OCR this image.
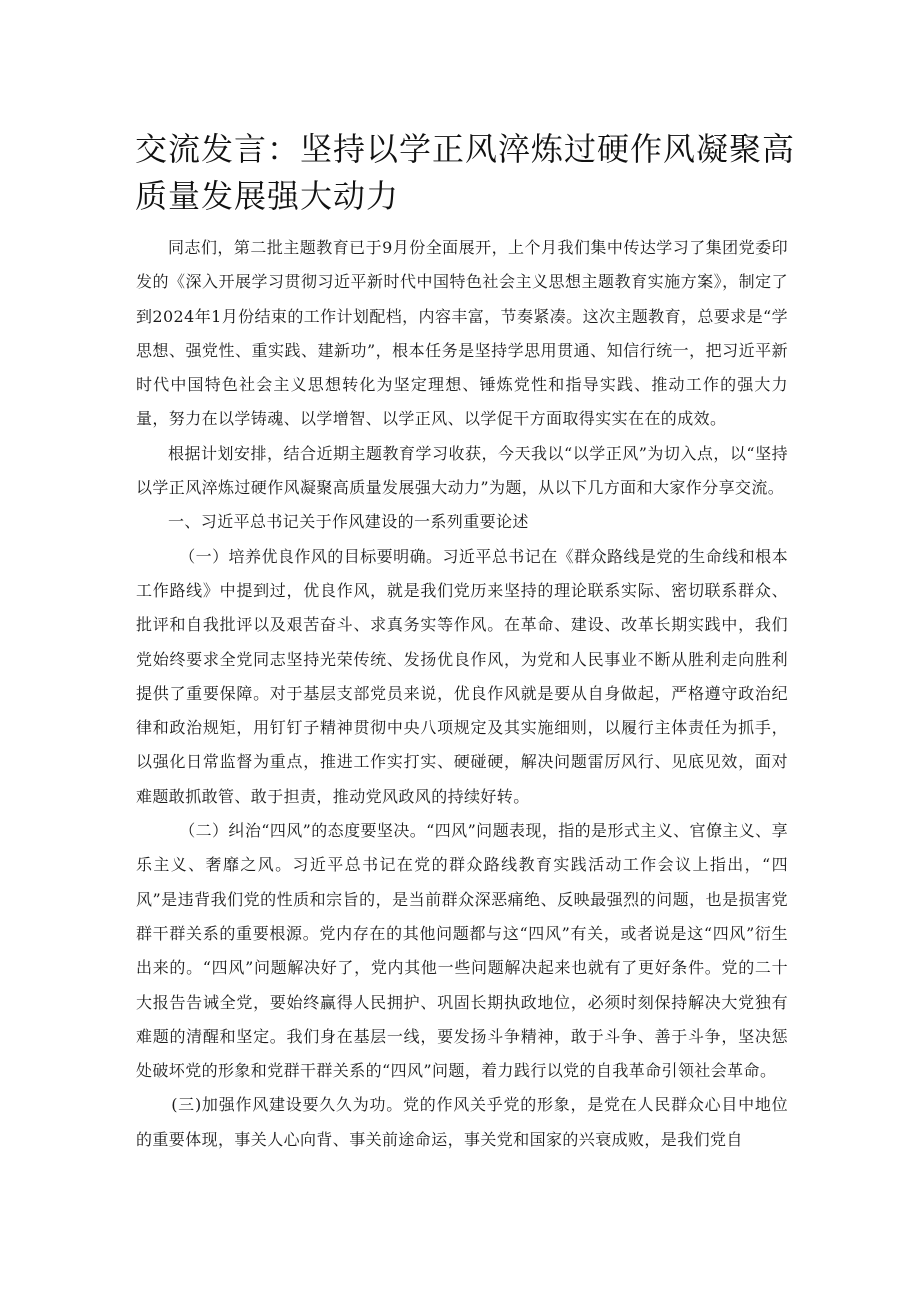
交流发言：坚持以学正风淬炼过硬作风凝聚高质量发展强大动力

同志们，第二批主题教育已于9月份全面展开，上个月我们集中传达学习了集团党委印发的《深入开展学习贯彻习近平新时代中国特色社会主义思想主题教育实施方案》，制定了到2024年1月份结束的工作计划配档，内容丰富，节奏紧凑。这次主题教育，总要求是“学思想、强党性、重实践、建新功”，根本任务是坚持学思用贯通、知信行统一，把习近平新时代中国特色社会主义思想转化为坚定理想、锤炼党性和指导实践、推动工作的强大力量，努力在以学铸魂、以学增智、以学正风、以学促干方面取得实实在在的成效。

根据计划安排，结合近期主题教育学习收获，今天我以“以学正风”为切入点，以“坚持以学正风淬炼过硬作风凝聚高质量发展强大动力”为题，从以下几方面和大家作分享交流。

一、习近平总书记关于作风建设的一系列重要论述

（一）培养优良作风的目标要明确。习近平总书记在《群众路线是党的生命线和根本工作路线》中提到过，优良作风，就是我们党历来坚持的理论联系实际、密切联系群众、批评和自我批评以及艰苦奋斗、求真务实等作风。在革命、建设、改革长期实践中，我们党始终要求全党同志坚持光荣传统、发扬优良作风，为党和人民事业不断从胜利走向胜利提供了重要保障。对于基层支部党员来说，优良作风就是要从自身做起，严格遵守政治纪律和政治规矩，用钉钉子精神贯彻中央八项规定及其实施细则，以履行主体责任为抓手，以强化日常监督为重点，推进工作实打实、硬碰硬，解决问题雷厉风行、见底见效，面对难题敢抓敢管、敢于担责，推动党风政风的持续好转。

（二）纠治“四风”的态度要坚决。“四风”问题表现，指的是形式主义、官僚主义、享乐主义、奢靡之风。习近平总书记在党的群众路线教育实践活动工作会议上指出，“四风”是违背我们党的性质和宗旨的，是当前群众深恶痛绝、反映最强烈的问题，也是损害党群干群关系的重要根源。党内存在的其他问题都与这“四风”有关，或者说是这“四风”衍生出来的。“四风”问题解决好了，党内其他一些问题解决起来也就有了更好条件。党的二十大报告告诫全党，要始终赢得人民拥护、巩固长期执政地位，必须时刻保持解决大党独有难题的清醒和坚定。我们身在基层一线，要发扬斗争精神，敢于斗争、善于斗争，坚决惩处破坏党的形象和党群干群关系的“四风”问题，着力践行以党的自我革命引领社会革命。

(三)加强作风建设要久久为功。党的作风关乎党的形象，是党在人民群众心目中地位的重要体现，事关人心向背、事关前途命运，事关党和国家的兴衰成败，是我们党自
